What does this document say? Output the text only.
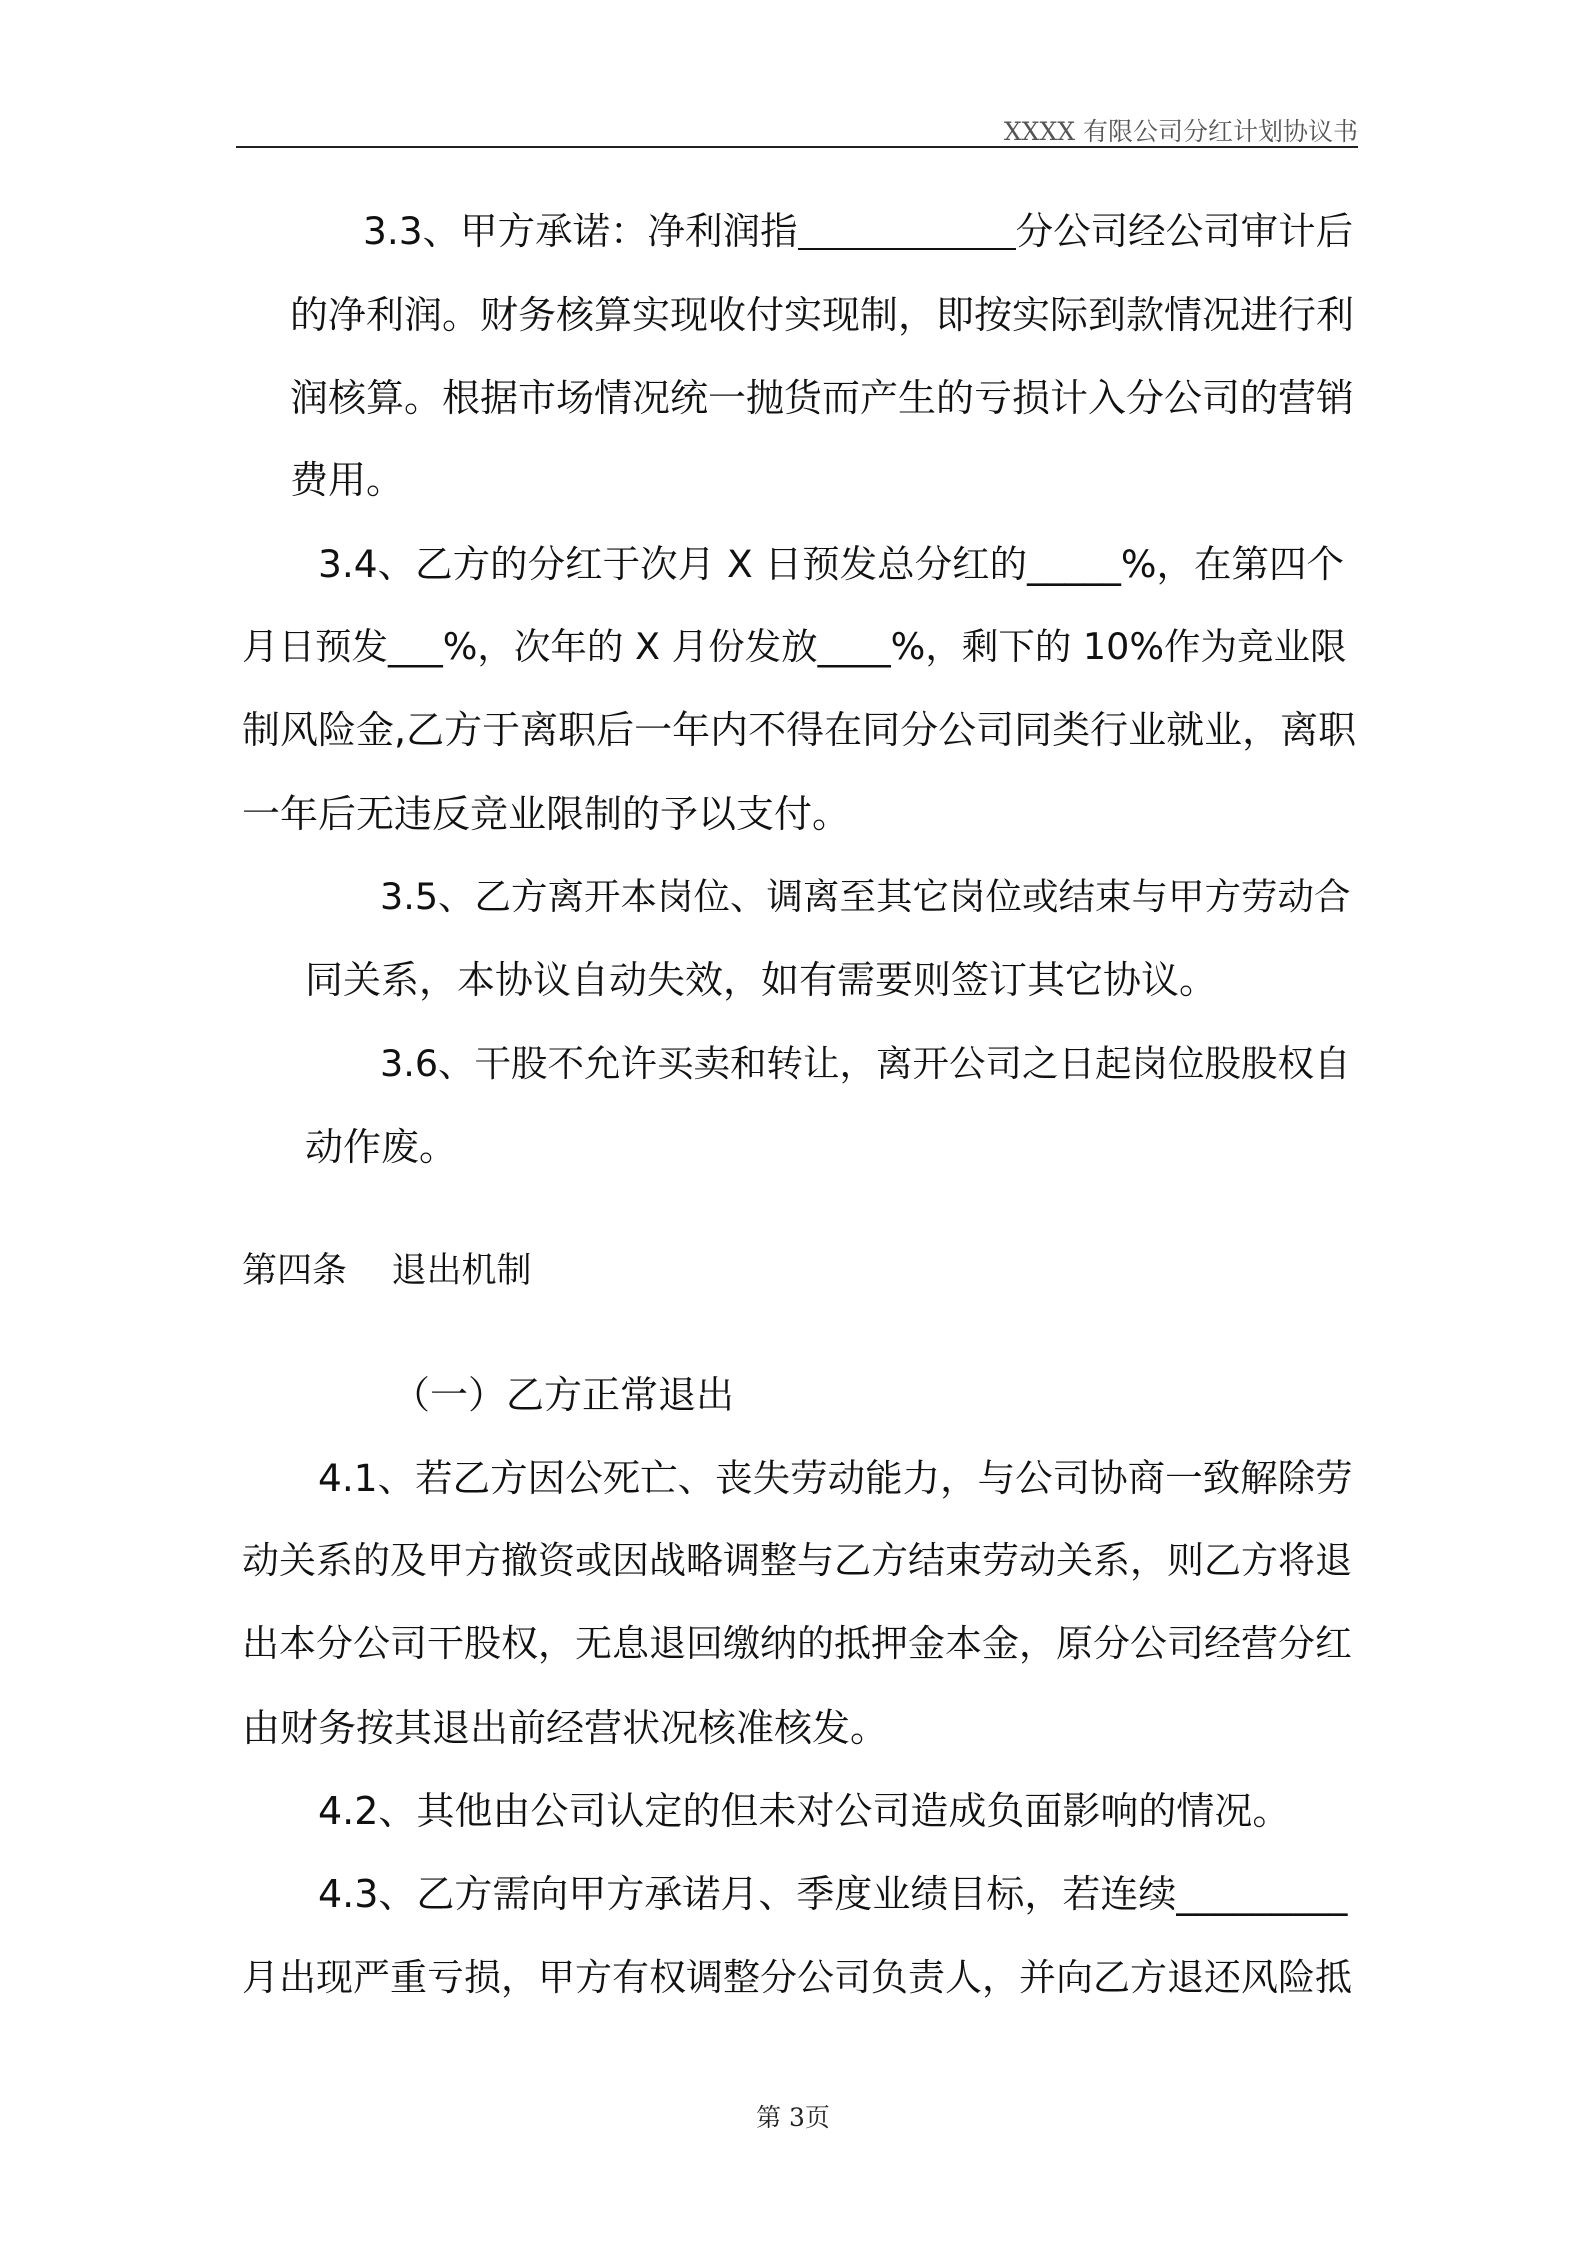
XXXX 有限公司分红计划协议书
3.3、甲方承诺：净利润指	分公司经公司审计后
的净利润。财务核算实现收付实现制，即按实际到款情况进行利
润核算。根据市场情况统一抛货而产生的亏损计入分公司的营销
费用。
3.4、乙方的分红于次月 X 日预发总分红的_____%，在第四个
月日预发___%，次年的 X 月份发放____%，剩下的 10%作为竞业限
制风险金,乙方于离职后一年内不得在同分公司同类行业就业，离职
一年后无违反竞业限制的予以支付。
3.5、乙方离开本岗位、调离至其它岗位或结束与甲方劳动合
同关系，本协议自动失效，如有需要则签订其它协议。
3.6、干股不允许买卖和转让，离开公司之日起岗位股股权自
动作废。
第四条    退出机制
（一）乙方正常退出
4.1、若乙方因公死亡、丧失劳动能力，与公司协商一致解除劳
动关系的及甲方撤资或因战略调整与乙方结束劳动关系，则乙方将退
出本分公司干股权，无息退回缴纳的抵押金本金，原分公司经营分红
由财务按其退出前经营状况核准核发。
4.2、其他由公司认定的但未对公司造成负面影响的情况。
4.3、乙方需向甲方承诺月、季度业绩目标，若连续_________
月出现严重亏损，甲方有权调整分公司负责人，并向乙方退还风险抵
第 3页
